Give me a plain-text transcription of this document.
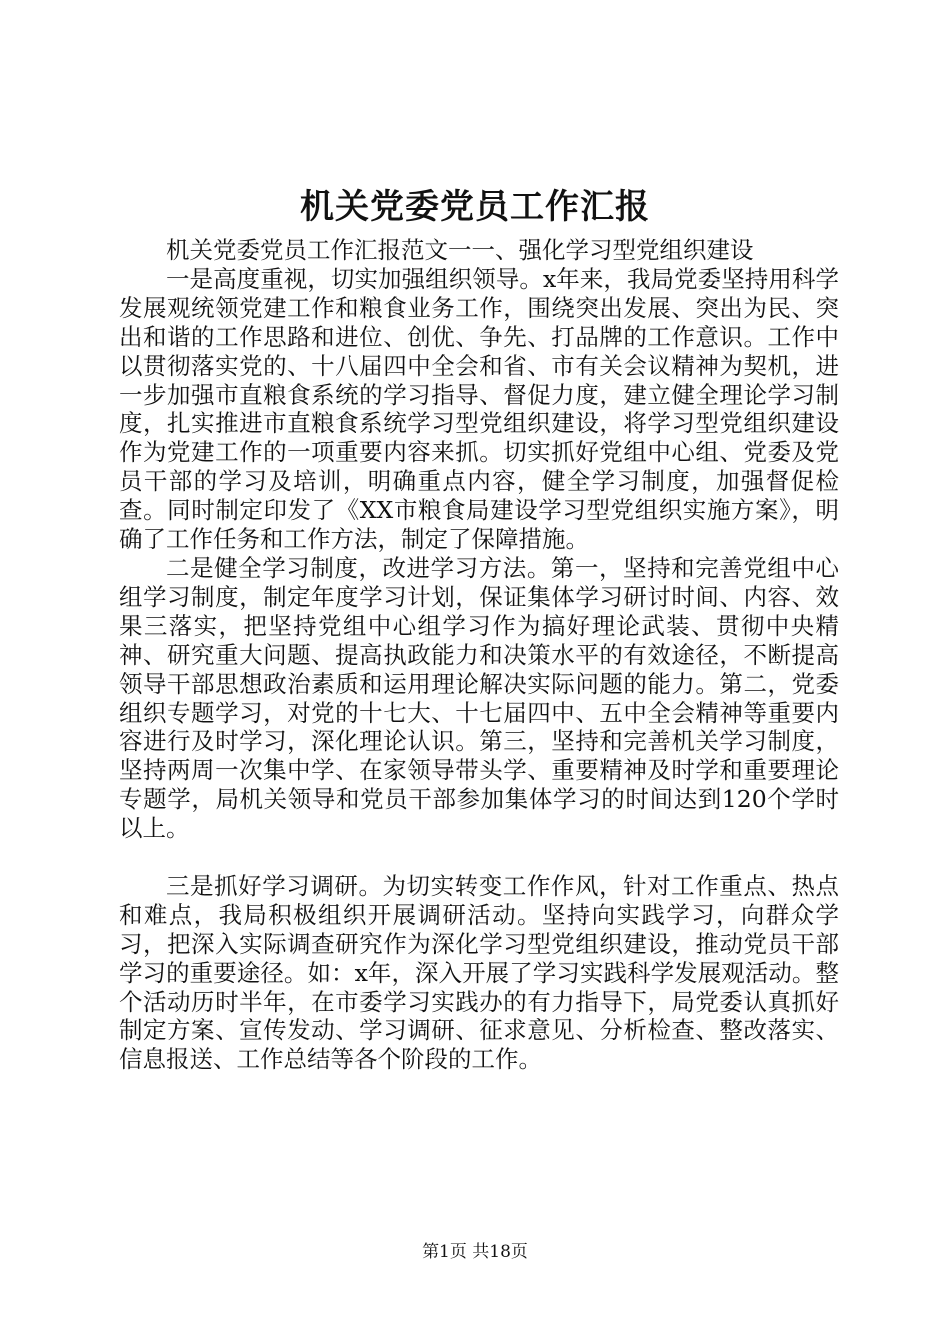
机关党委党员工作汇报

机关党委党员工作汇报范文一一、强化学习型党组织建设

一是高度重视，切实加强组织领导。x年来，我局党委坚持用科学发展观统领党建工作和粮食业务工作，围绕突出发展、突出为民、突出和谐的工作思路和进位、创优、争先、打品牌的工作意识。工作中以贯彻落实党的、十八届四中全会和省、市有关会议精神为契机，进一步加强市直粮食系统的学习指导、督促力度，建立健全理论学习制度，扎实推进市直粮食系统学习型党组织建设，将学习型党组织建设作为党建工作的一项重要内容来抓。切实抓好党组中心组、党委及党员干部的学习及培训，明确重点内容，健全学习制度，加强督促检查。同时制定印发了《XX市粮食局建设学习型党组织实施方案》，明确了工作任务和工作方法，制定了保障措施。

二是健全学习制度，改进学习方法。第一，坚持和完善党组中心组学习制度，制定年度学习计划，保证集体学习研讨时间、内容、效果三落实，把坚持党组中心组学习作为搞好理论武装、贯彻中央精神、研究重大问题、提高执政能力和决策水平的有效途径，不断提高领导干部思想政治素质和运用理论解决实际问题的能力。第二，党委组织专题学习，对党的十七大、十七届四中、五中全会精神等重要内容进行及时学习，深化理论认识。第三，坚持和完善机关学习制度，坚持两周一次集中学、在家领导带头学、重要精神及时学和重要理论专题学，局机关领导和党员干部参加集体学习的时间达到120个学时以上。

三是抓好学习调研。为切实转变工作作风，针对工作重点、热点和难点，我局积极组织开展调研活动。坚持向实践学习，向群众学习，把深入实际调查研究作为深化学习型党组织建设，推动党员干部学习的重要途径。如：x年，深入开展了学习实践科学发展观活动。整个活动历时半年，在市委学习实践办的有力指导下，局党委认真抓好制定方案、宣传发动、学习调研、征求意见、分析检查、整改落实、信息报送、工作总结等各个阶段的工作。

第1页 共18页
